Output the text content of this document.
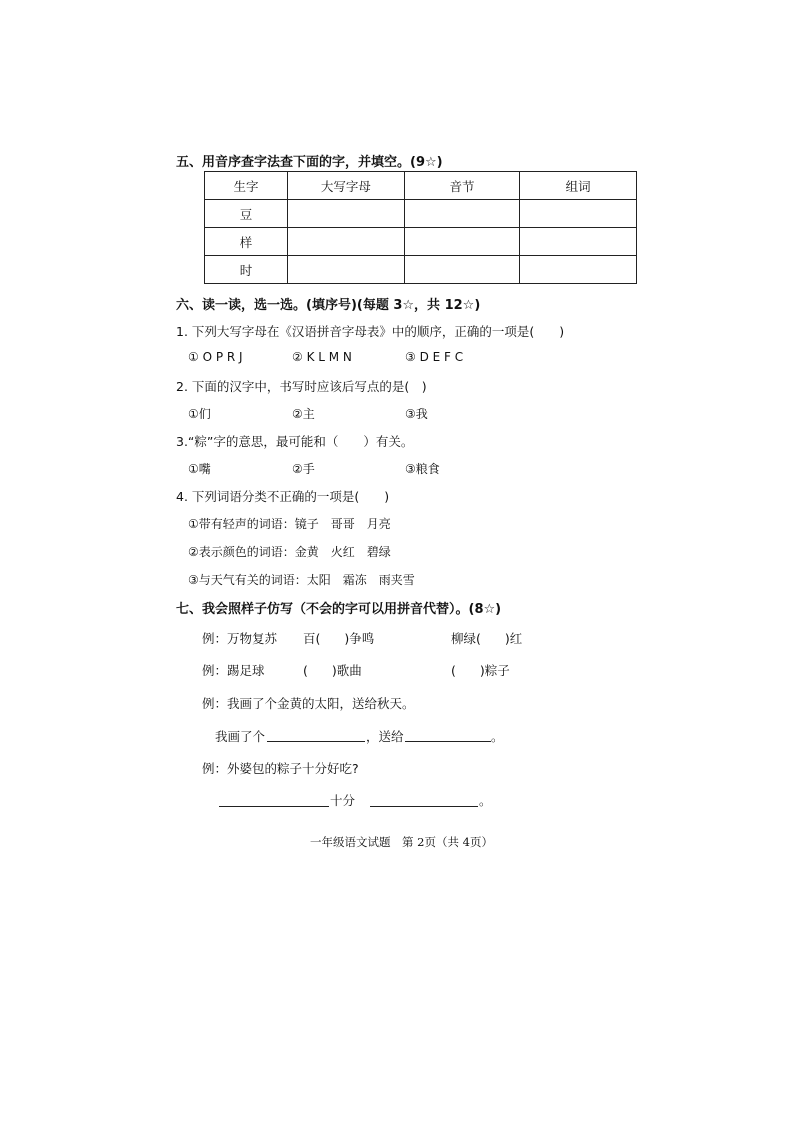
五、用音序查字法查下面的字，并填空。(9☆)
生字	大写字母	音节	组词
豆			
样			
时			
六、读一读，选一选。(填序号)(每题 3☆，共 12☆)
1. 下列大写字母在《汉语拼音字母表》中的顺序，正确的一项是(　　)
① O P R J	② K L M N	③ D E F C
2. 下面的汉字中，书写时应该后写点的是(　)
①们	②主	③我
3.“粽”字的意思，最可能和（　　）有关。
①嘴	②手	③粮食
4. 下列词语分类不正确的一项是(　　)
①带有轻声的词语：镜子　哥哥　月亮
②表示颜色的词语：金黄　火红　碧绿
③与天气有关的词语：太阳　霜冻　雨夹雪
七、我会照样子仿写（不会的字可以用拼音代替）。(8☆)
例：万物复苏 百( )争鸣	柳绿( )红
例：踢足球	( )歌曲	( )粽子
例：我画了个金黄的太阳，送给秋天。
我画了个	，送给	。
例：外婆包的粽子十分好吃?
十分	。
一年级语文试题　第 2页（共 4页）
